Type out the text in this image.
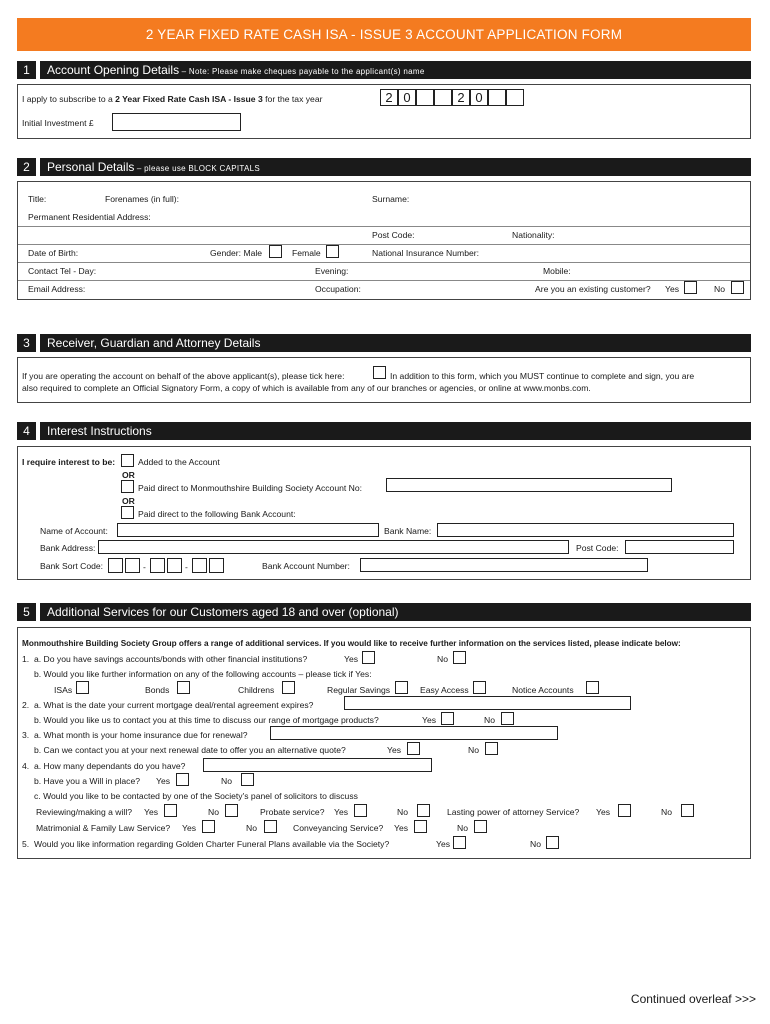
2 YEAR FIXED RATE CASH ISA - ISSUE 3 ACCOUNT APPLICATION FORM
1	Account Opening Details – Note: Please make cheques payable to the applicant(s) name
I apply to subscribe to a 2 Year Fixed Rate Cash ISA - Issue 3 for the tax year	2 0	2 0
Initial Investment £
2	Personal Details – please use BLOCK CAPITALS
Title:	Forenames (in full):	Surname:
Permanent Residential Address:
Post Code:	Nationality:
Date of Birth:	Gender: Male	Female	National Insurance Number:
Contact Tel - Day:	Evening:	Mobile:
Email Address:	Occupation:	Are you an existing customer? Yes	No
3	Receiver, Guardian and Attorney Details
If you are operating the account on behalf of the above applicant(s), please tick here:	In addition to this form, which you MUST continue to complete and sign, you are
also required to complete an Official Signatory Form, a copy of which is available from any of our branches or agencies, or online at www.monbs.com.
4	Interest Instructions
I require interest to be:	Added to the Account
OR
Paid direct to Monmouthshire Building Society Account No:
OR
Paid direct to the following Bank Account:
Name of Account:	Bank Name:
Bank Address:	Post Code:
Bank Sort Code:	-	-	Bank Account Number:
5	Additional Services for our Customers aged 18 and over (optional)
Monmouthshire Building Society Group offers a range of additional services. If you would like to receive further information on the services listed, please indicate below:
1. a. Do you have savings accounts/bonds with other financial institutions?	Yes	No
b. Would you like further information on any of the following accounts – please tick if Yes:
ISAs	Bonds	Childrens	Regular Savings	Easy Access	Notice Accounts
2. a. What is the date your current mortgage deal/rental agreement expires?
b. Would you like us to contact you at this time to discuss our range of mortgage products?	Yes	No
3. a. What month is your home insurance due for renewal?
b. Can we contact you at your next renewal date to offer you an alternative quote?	Yes	No
4. a. How many dependants do you have?
b. Have you a Will in place? Yes	No
c. Would you like to be contacted by one of the Society's panel of solicitors to discuss
Reviewing/making a will? Yes	No	Probate service? Yes	No	Lasting power of attorney Service? Yes	No
Matrimonial & Family Law Service? Yes	No	Conveyancing Service? Yes	No
5. Would you like information regarding Golden Charter Funeral Plans available via the Society?	Yes	No
Continued overleaf >>>
